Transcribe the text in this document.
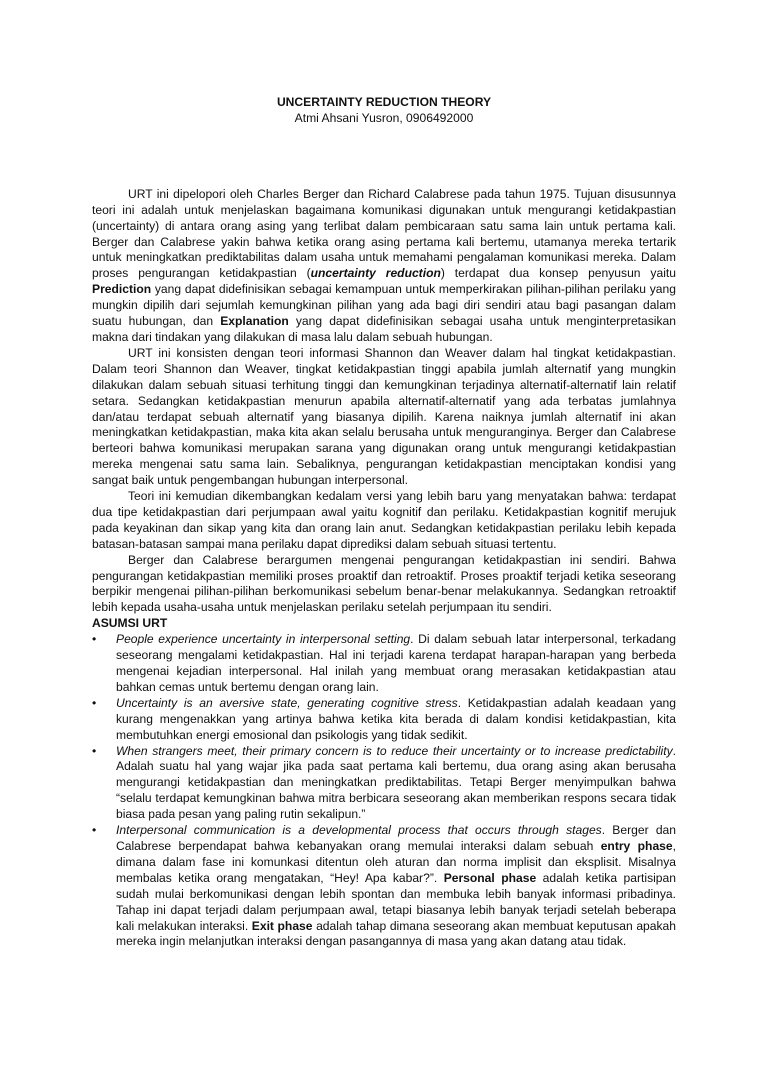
UNCERTAINTY REDUCTION THEORY
Atmi Ahsani Yusron, 0906492000

URT ini dipelopori oleh Charles Berger dan Richard Calabrese pada tahun 1975. Tujuan disusunnya teori ini adalah untuk menjelaskan bagaimana komunikasi digunakan untuk mengurangi ketidakpastian (uncertainty) di antara orang asing yang terlibat dalam pembicaraan satu sama lain untuk pertama kali. Berger dan Calabrese yakin bahwa ketika orang asing pertama kali bertemu, utamanya mereka tertarik untuk meningkatkan prediktabilitas dalam usaha untuk memahami pengalaman komunikasi mereka. Dalam proses pengurangan ketidakpastian (uncertainty reduction) terdapat dua konsep penyusun yaitu Prediction yang dapat didefinisikan sebagai kemampuan untuk memperkirakan pilihan-pilihan perilaku yang mungkin dipilih dari sejumlah kemungkinan pilihan yang ada bagi diri sendiri atau bagi pasangan dalam suatu hubungan, dan Explanation yang dapat didefinisikan sebagai usaha untuk menginterpretasikan makna dari tindakan yang dilakukan di masa lalu dalam sebuah hubungan.

URT ini konsisten dengan teori informasi Shannon dan Weaver dalam hal tingkat ketidakpastian. Dalam teori Shannon dan Weaver, tingkat ketidakpastian tinggi apabila jumlah alternatif yang mungkin dilakukan dalam sebuah situasi terhitung tinggi dan kemungkinan terjadinya alternatif-alternatif lain relatif setara. Sedangkan ketidakpastian menurun apabila alternatif-alternatif yang ada terbatas jumlahnya dan/atau terdapat sebuah alternatif yang biasanya dipilih. Karena naiknya jumlah alternatif ini akan meningkatkan ketidakpastian, maka kita akan selalu berusaha untuk menguranginya. Berger dan Calabrese berteori bahwa komunikasi merupakan sarana yang digunakan orang untuk mengurangi ketidakpastian mereka mengenai satu sama lain. Sebaliknya, pengurangan ketidakpastian menciptakan kondisi yang sangat baik untuk pengembangan hubungan interpersonal.

Teori ini kemudian dikembangkan kedalam versi yang lebih baru yang menyatakan bahwa: terdapat dua tipe ketidakpastian dari perjumpaan awal yaitu kognitif dan perilaku. Ketidakpastian kognitif merujuk pada keyakinan dan sikap yang kita dan orang lain anut. Sedangkan ketidakpastian perilaku lebih kepada batasan-batasan sampai mana perilaku dapat diprediksi dalam sebuah situasi tertentu.

Berger dan Calabrese berargumen mengenai pengurangan ketidakpastian ini sendiri. Bahwa pengurangan ketidakpastian memiliki proses proaktif dan retroaktif. Proses proaktif terjadi ketika seseorang berpikir mengenai pilihan-pilihan berkomunikasi sebelum benar-benar melakukannya. Sedangkan retroaktif lebih kepada usaha-usaha untuk menjelaskan perilaku setelah perjumpaan itu sendiri.

ASUMSI URT
• People experience uncertainty in interpersonal setting. Di dalam sebuah latar interpersonal, terkadang seseorang mengalami ketidakpastian. Hal ini terjadi karena terdapat harapan-harapan yang berbeda mengenai kejadian interpersonal. Hal inilah yang membuat orang merasakan ketidakpastian atau bahkan cemas untuk bertemu dengan orang lain.
• Uncertainty is an aversive state, generating cognitive stress. Ketidakpastian adalah keadaan yang kurang mengenakkan yang artinya bahwa ketika kita berada di dalam kondisi ketidakpastian, kita membutuhkan energi emosional dan psikologis yang tidak sedikit.
• When strangers meet, their primary concern is to reduce their uncertainty or to increase predictability. Adalah suatu hal yang wajar jika pada saat pertama kali bertemu, dua orang asing akan berusaha mengurangi ketidakpastian dan meningkatkan prediktabilitas. Tetapi Berger menyimpulkan bahwa “selalu terdapat kemungkinan bahwa mitra berbicara seseorang akan memberikan respons secara tidak biasa pada pesan yang paling rutin sekalipun.”
• Interpersonal communication is a developmental process that occurs through stages. Berger dan Calabrese berpendapat bahwa kebanyakan orang memulai interaksi dalam sebuah entry phase, dimana dalam fase ini komunkasi ditentun oleh aturan dan norma implisit dan eksplisit. Misalnya membalas ketika orang mengatakan, “Hey! Apa kabar?”. Personal phase adalah ketika partisipan sudah mulai berkomunikasi dengan lebih spontan dan membuka lebih banyak informasi pribadinya. Tahap ini dapat terjadi dalam perjumpaan awal, tetapi biasanya lebih banyak terjadi setelah beberapa kali melakukan interaksi. Exit phase adalah tahap dimana seseorang akan membuat keputusan apakah mereka ingin melanjutkan interaksi dengan pasangannya di masa yang akan datang atau tidak.
